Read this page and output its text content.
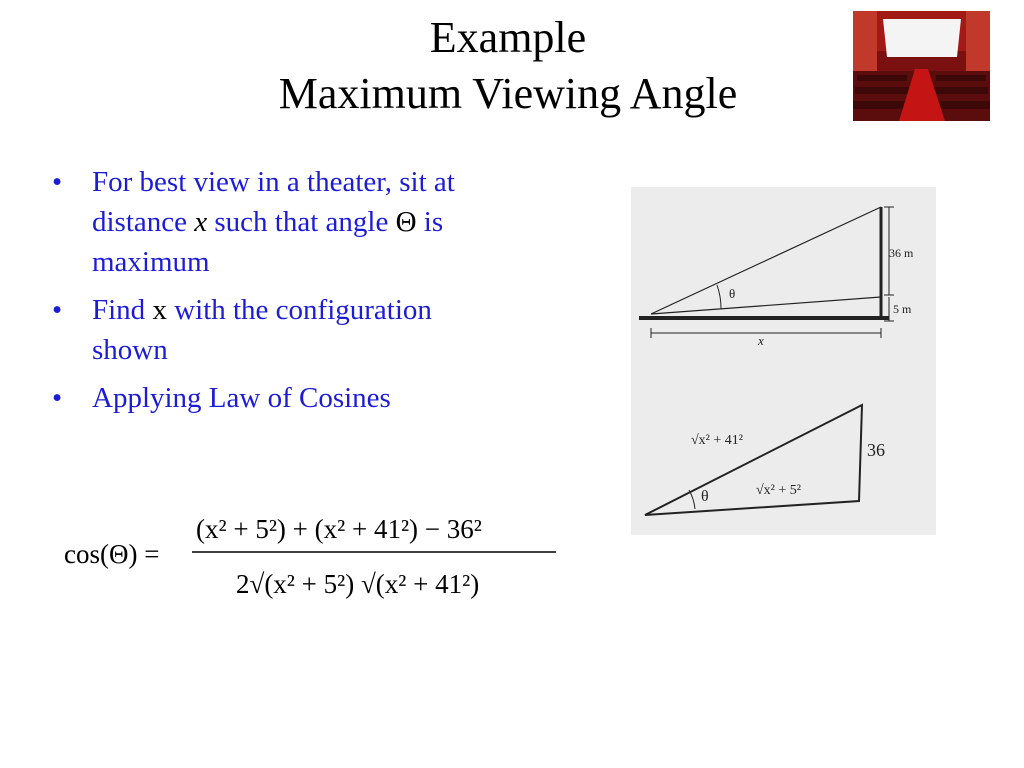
Example
Maximum Viewing Angle
• For best view in a theater, sit at distance x such that angle Θ is maximum
• Find x with the configuration shown
• Applying Law of Cosines
36 m
5 m
x
θ
√x² + 41²	36
√x² + 5²
θ
cos(Θ) =
(x² + 5²) + (x² + 41²) − 36²
2√(x² + 5²) √(x² + 41²)
